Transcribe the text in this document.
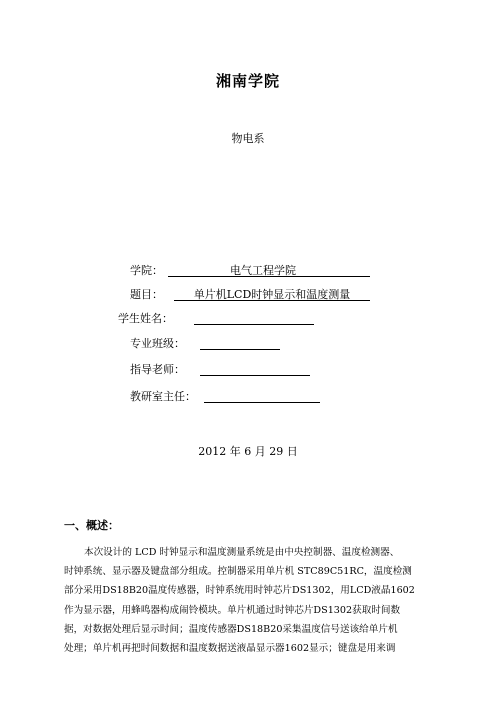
湘南学院
物电系
学院：	电气工程学院
题目：	单片机LCD时钟显示和温度测量
学生姓名：
专业班级：
指导老师：
教研室主任：
2012 年 6 月 29 日
一、概述：
本次设计的 LCD 时钟显示和温度测量系统是由中央控制器、温度检测器、
时钟系统、显示器及键盘部分组成。控制器采用单片机 STC89C51RC，温度检测
部分采用DS18B20温度传感器，时钟系统用时钟芯片DS1302，用LCD液晶1602
作为显示器，用蜂鸣器构成闹铃模块。单片机通过时钟芯片DS1302获取时间数
据，对数据处理后显示时间；温度传感器DS18B20采集温度信号送该给单片机
处理；单片机再把时间数据和温度数据送液晶显示器1602显示；键盘是用来调
